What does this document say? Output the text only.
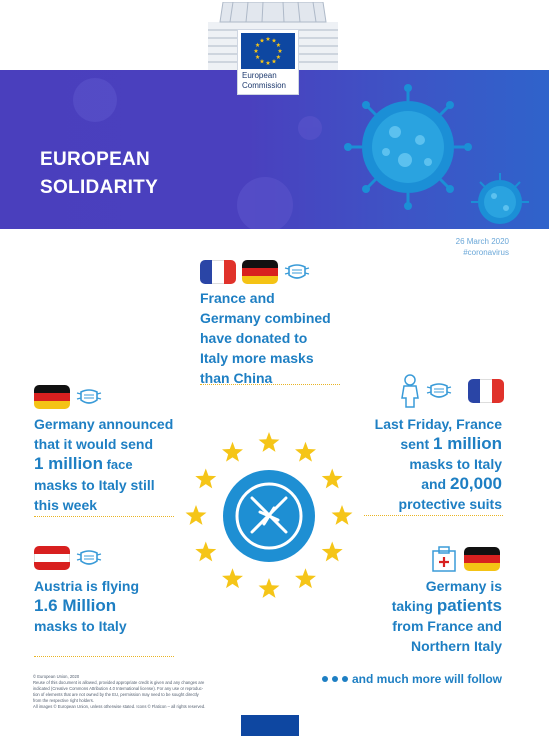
European
Commission
EUROPEAN
SOLIDARITY
26 March 2020
#coronavirus

France and

Germany combined

have donated to

Italy more masks

than China

Germany announced

that it would send

1 million face

masks to Italy still

this week

Last Friday, France

sent 1 million

masks to Italy

and 20,000

protective suits

Austria is flying

1.6 Million

masks to Italy

Germany is

taking patients

from France and

Northern Italy

and much more will follow
© European Union, 2020
Reuse of this document is allowed, provided appropriate credit is given and any changes are
indicated (Creative Commons Attribution 4.0 International license). For any use or reproduc-
tion of elements that are not owned by the EU, permission may need to be sought directly
from the respective right holders.
All images © European Union, unless otherwise stated. Icons © Flaticon – all rights reserved.
